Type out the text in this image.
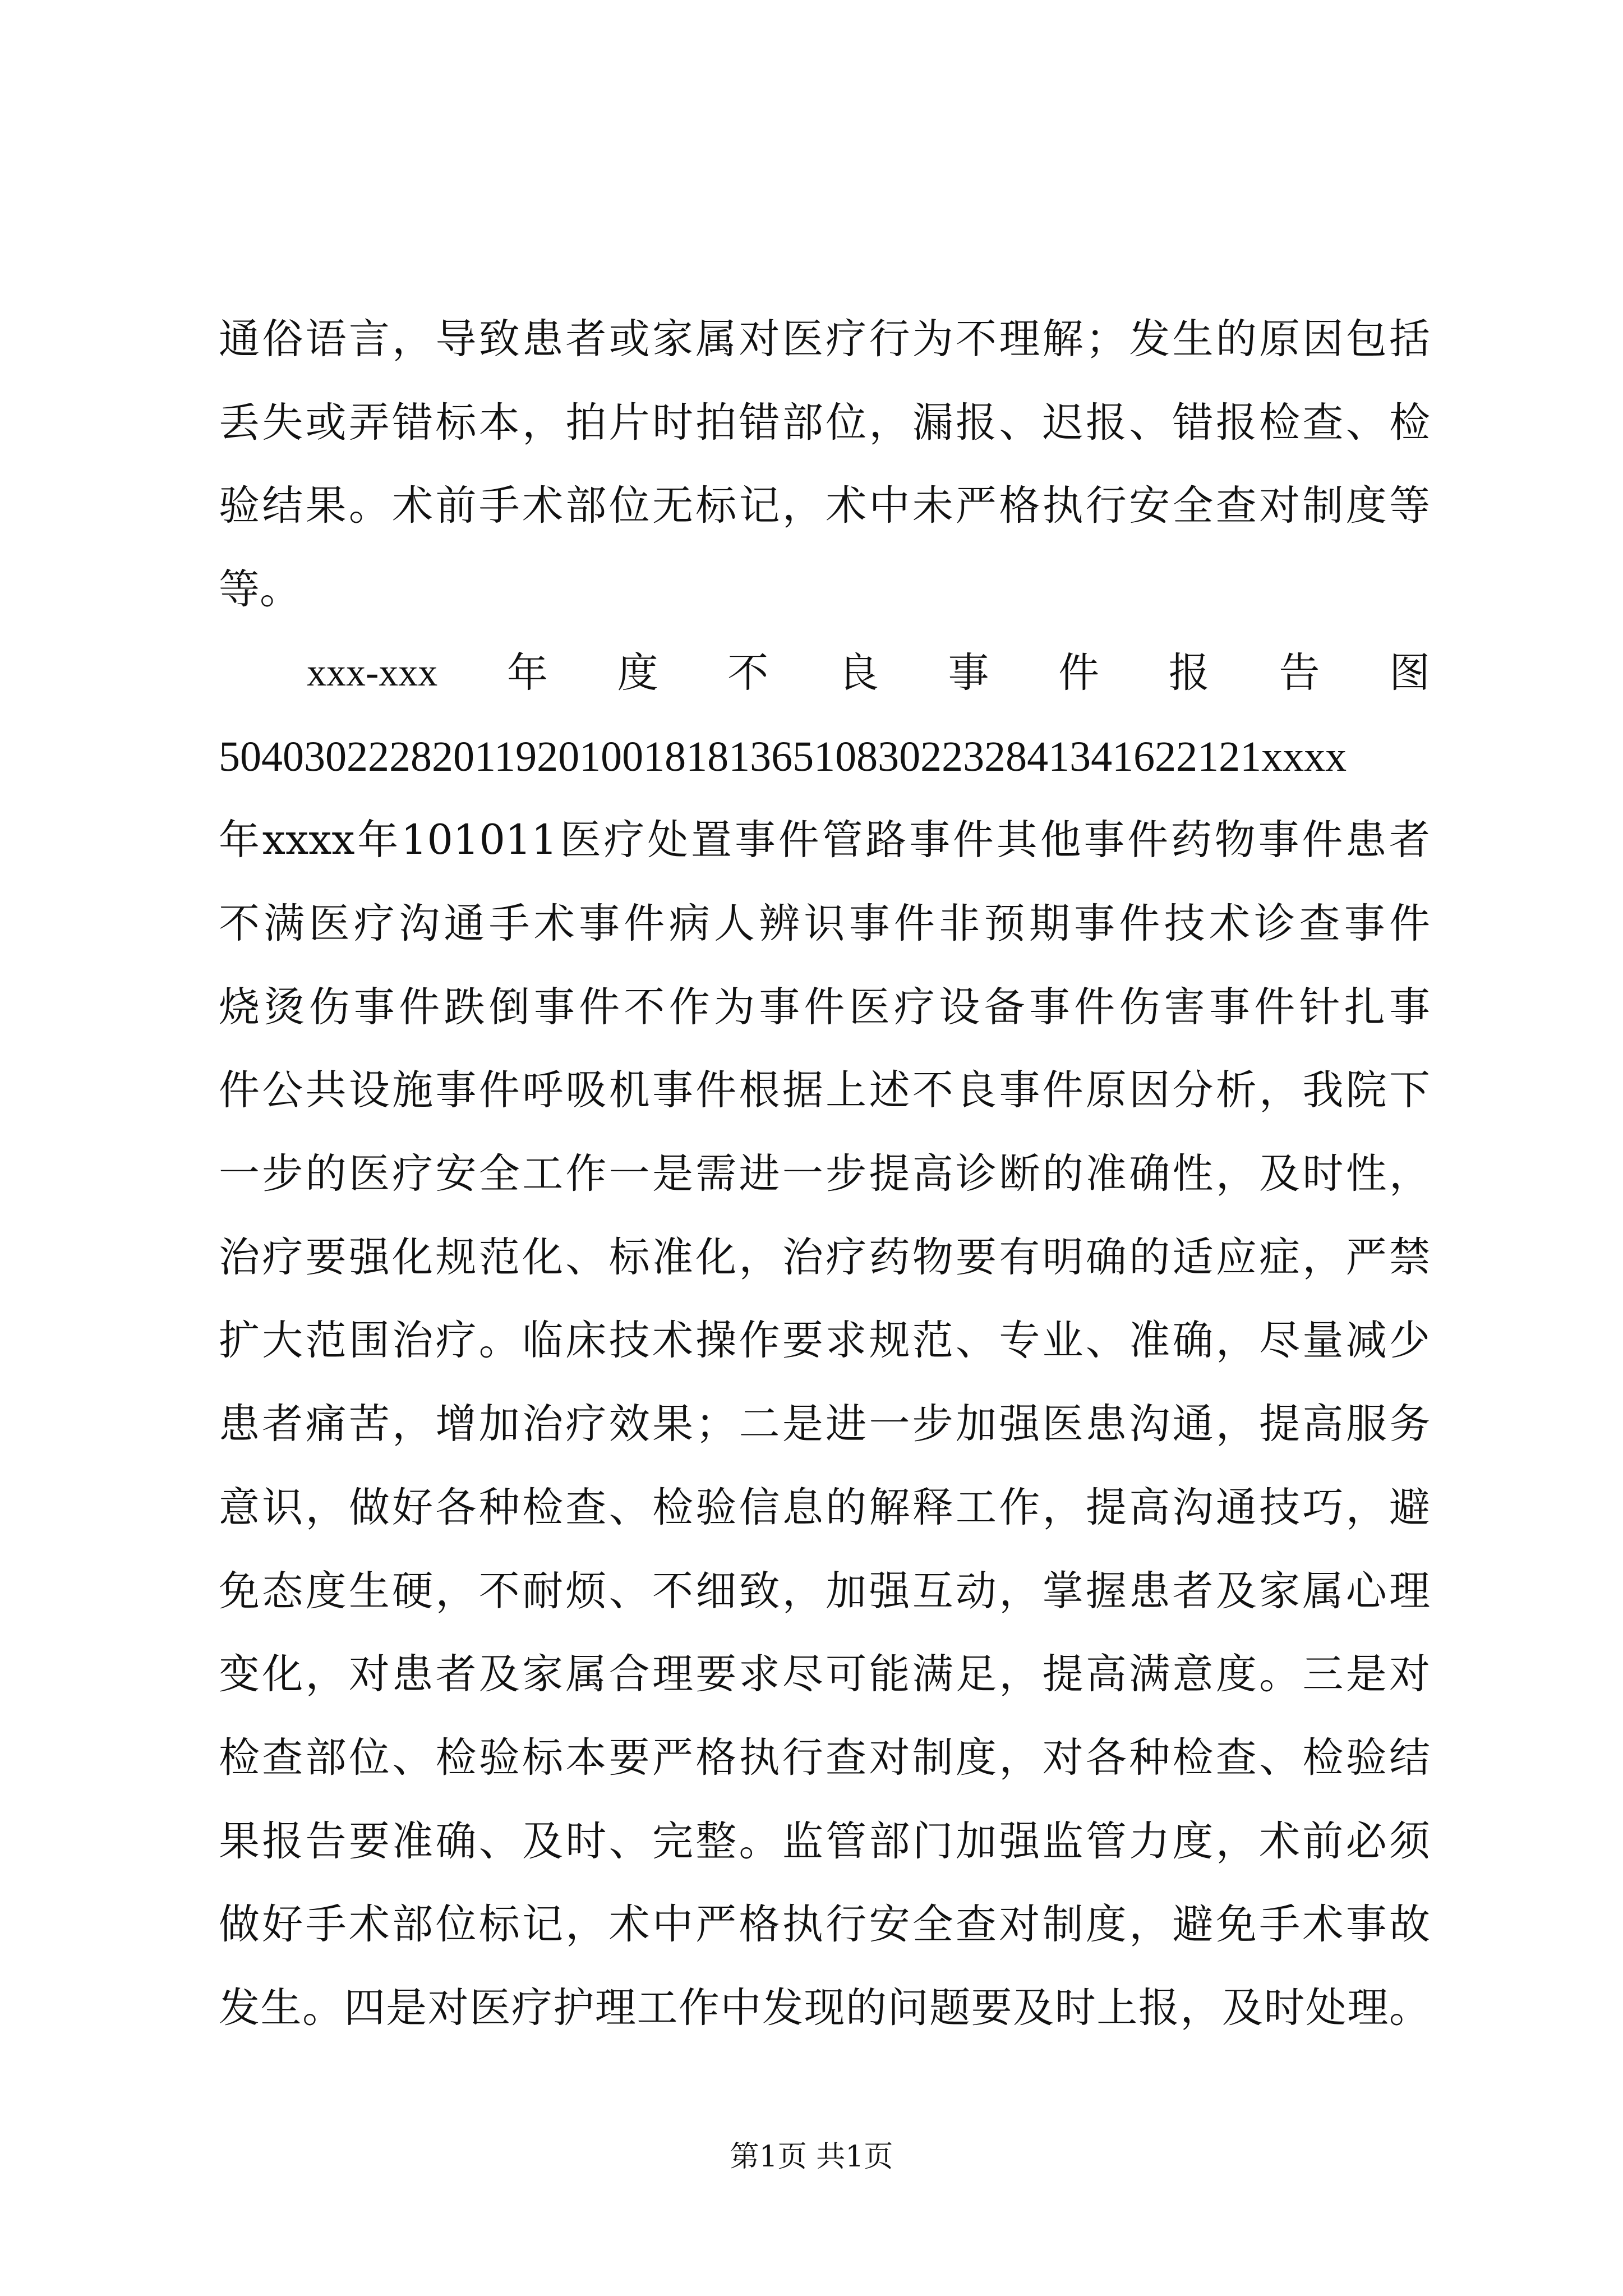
通俗语言，导致患者或家属对医疗行为不理解；发生的原因包括
丢失或弄错标本，拍片时拍错部位，漏报、迟报、错报检查、检
验结果。术前手术部位无标记，术中未严格执行安全查对制度等
等。
xxx-xxx 年 度 不 良 事 件 报 告 图
5040302228201192010018181365108302232841341622121xxxx
年xxxx年101011医疗处置事件管路事件其他事件药物事件患者
不满医疗沟通手术事件病人辨识事件非预期事件技术诊查事件
烧烫伤事件跌倒事件不作为事件医疗设备事件伤害事件针扎事
件公共设施事件呼吸机事件根据上述不良事件原因分析，我院下
一步的医疗安全工作一是需进一步提高诊断的准确性，及时性，
治疗要强化规范化、标准化，治疗药物要有明确的适应症，严禁
扩大范围治疗。临床技术操作要求规范、专业、准确，尽量减少
患者痛苦，增加治疗效果；二是进一步加强医患沟通，提高服务
意识，做好各种检查、检验信息的解释工作，提高沟通技巧，避
免态度生硬，不耐烦、不细致，加强互动，掌握患者及家属心理
变化，对患者及家属合理要求尽可能满足，提高满意度。三是对
检查部位、检验标本要严格执行查对制度，对各种检查、检验结
果报告要准确、及时、完整。监管部门加强监管力度，术前必须
做好手术部位标记，术中严格执行安全查对制度，避免手术事故
发生。四是对医疗护理工作中发现的问题要及时上报，及时处理。
第1页 共1页
